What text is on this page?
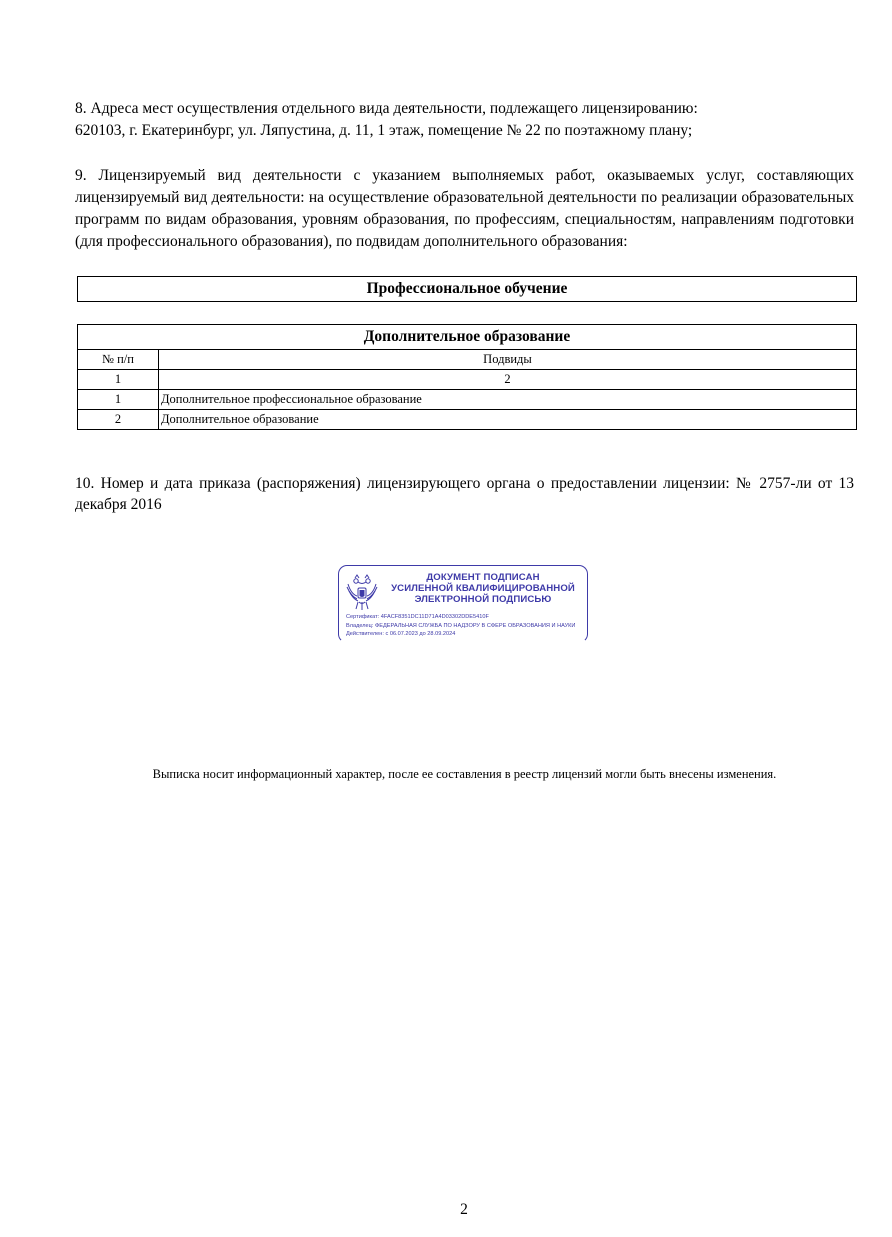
8. Адреса мест осуществления отдельного вида деятельности, подлежащего лицензированию:
620103, г. Екатеринбург, ул. Ляпустина, д. 11, 1 этаж, помещение № 22 по поэтажному плану;

9. Лицензируемый вид деятельности с указанием выполняемых работ, оказываемых услуг, составляющих лицензируемый вид деятельности: на осуществление образовательной деятельности по реализации образовательных программ по видам образования, уровням образования, по профессиям, специальностям, направлениям подготовки (для профессионального образования), по подвидам дополнительного образования:

Профессиональное обучение
Дополнительное образование	
№ п/п	Подвиды
1	2
1	Дополнительное профессиональное образование
2	Дополнительное образование

10. Номер и дата приказа (распоряжения) лицензирующего органа о предоставлении лицензии: № 2757-ли от 13 декабря 2016

ДОКУМЕНТ ПОДПИСАН
УСИЛЕННОЙ КВАЛИФИЦИРОВАННОЙ
ЭЛЕКТРОННОЙ ПОДПИСЬЮ
Сертификат: 4FACF8351DC11D71A4D03302DDE5410F
Владелец: ФЕДЕРАЛЬНАЯ СЛУЖБА ПО НАДЗОРУ В СФЕРЕ ОБРАЗОВАНИЯ И НАУКИ
Действителен: с 06.07.2023 до 28.09.2024
Выписка носит информационный характер, после ее составления в реестр лицензий могли быть внесены изменения.
2
